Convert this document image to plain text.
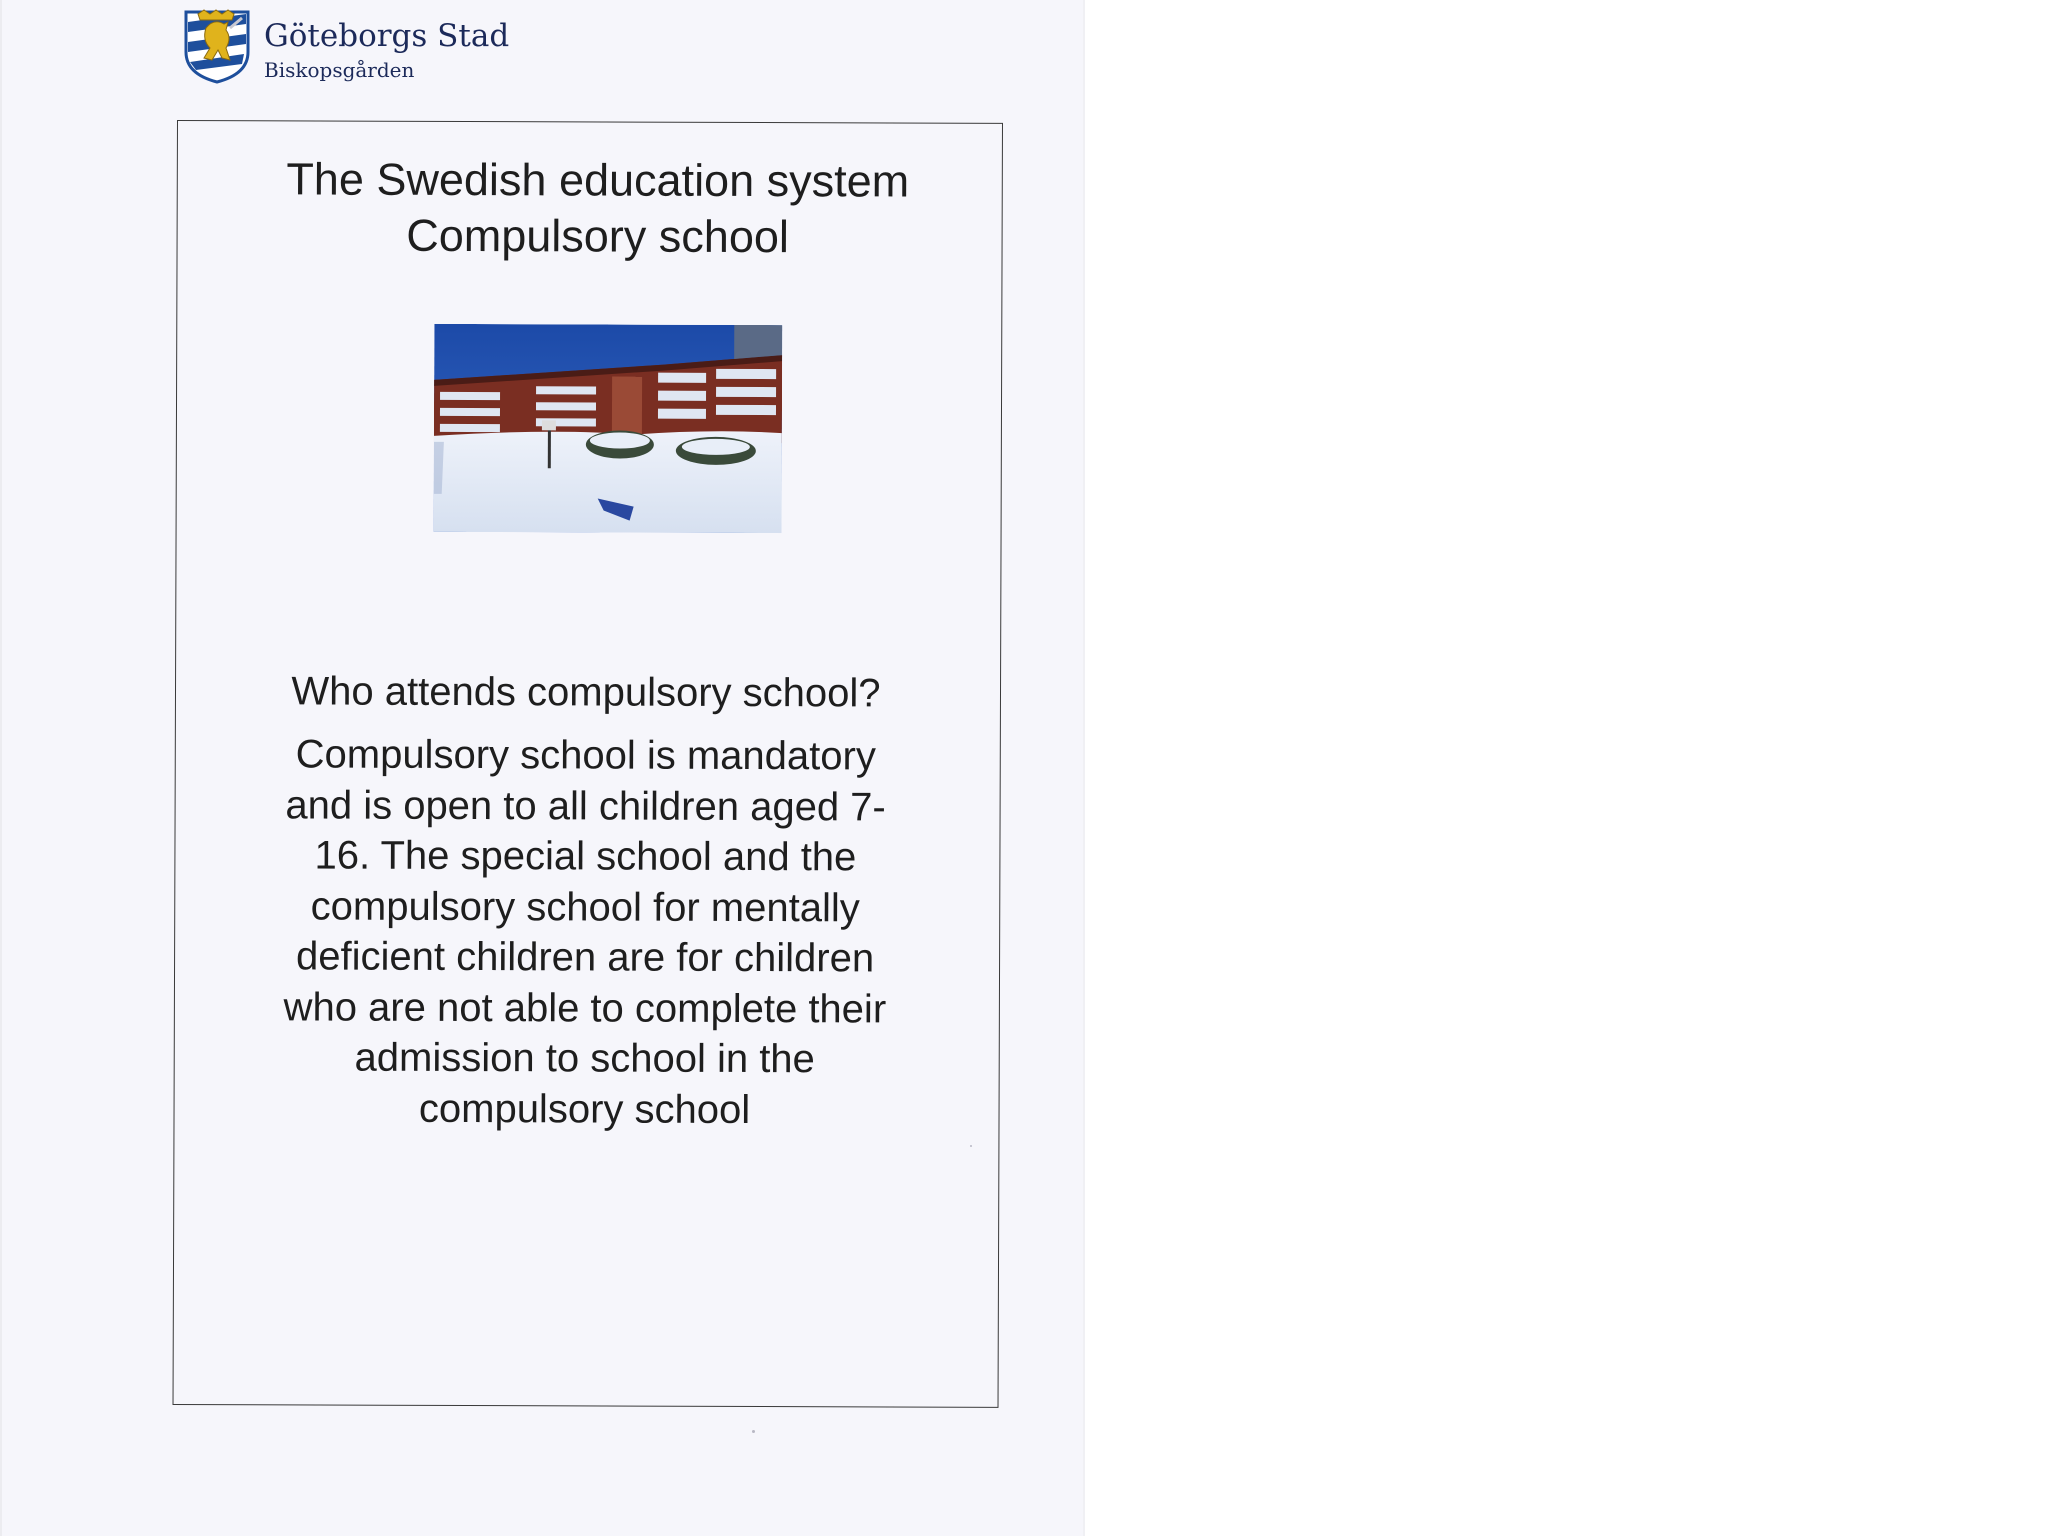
Göteborgs Stad
Biskopsgården
The Swedish education system
Compulsory school
Who attends compulsory school?
Compulsory school is mandatory
and is open to all children aged 7-
16. The special school and the
compulsory school for mentally
deficient children are for children
who are not able to complete their
admission to school in the
compulsory school
